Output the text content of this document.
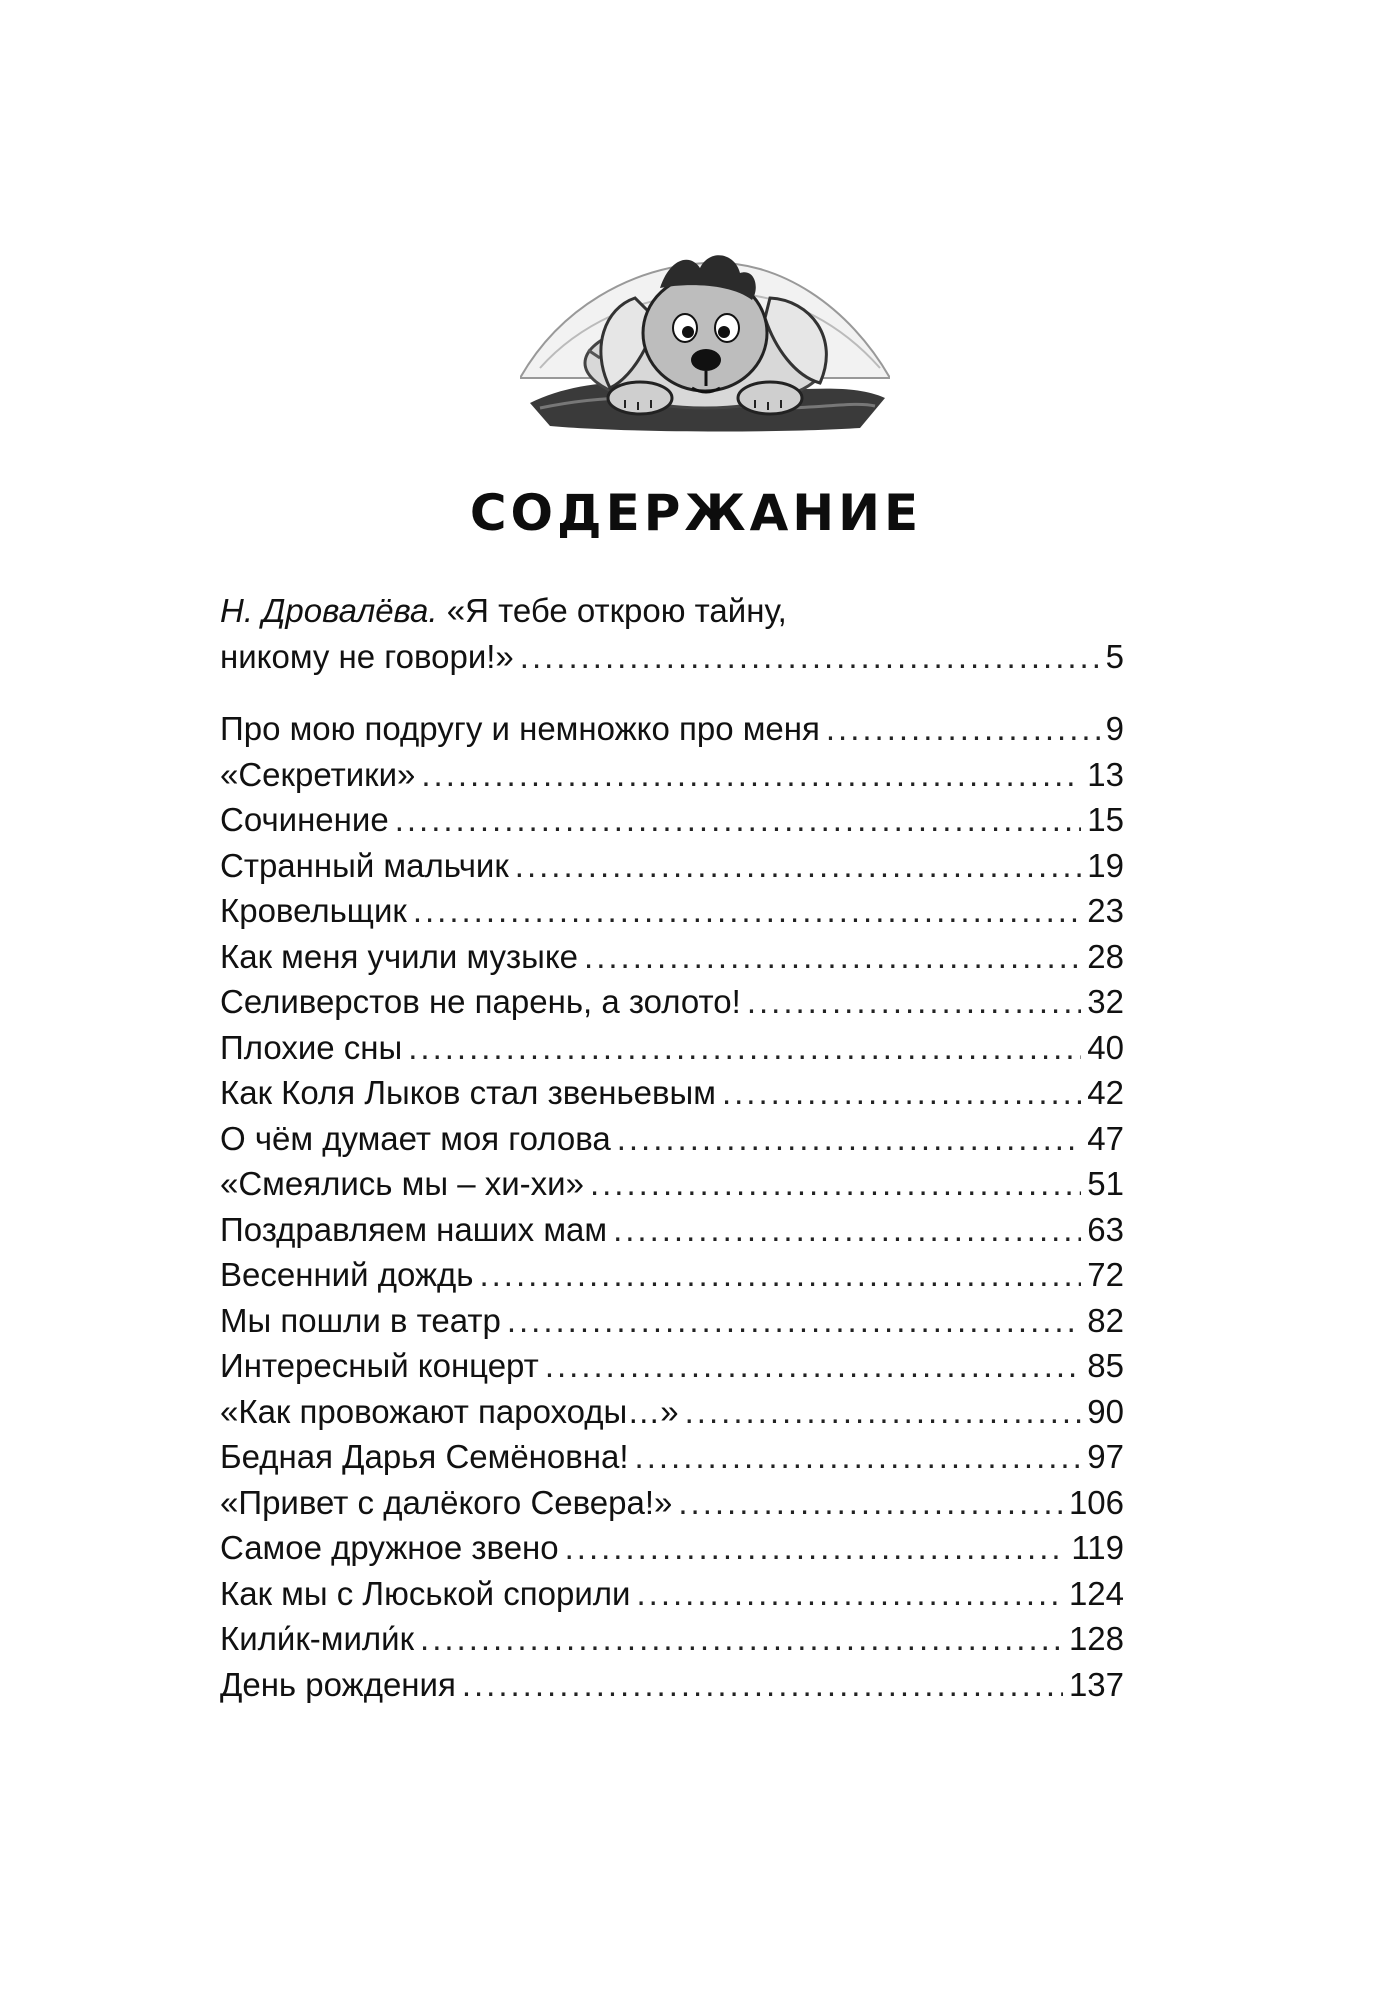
СОДЕРЖАНИЕ
Н. Дровалёва. «Я тебе открою тайну,
никому не говори!» .....	5
Про мою подругу и немножко про меня .....	9
«Секретики» .....	13
Сочинение .....	15
Странный мальчик .....	19
Кровельщик .....	23
Как меня учили музыке .....	28
Селиверстов не парень, а золото! .....	32
Плохие сны .....	40
Как Коля Лыков стал звеньевым .....	42
О чём думает моя голова .....	47
«Смеялись мы – хи-хи» .....	51
Поздравляем наших мам .....	63
Весенний дождь .....	72
Мы пошли в театр .....	82
Интересный концерт .....	85
«Как провожают пароходы…» .....	90
Бедная Дарья Семёновна! .....	97
«Привет с далёкого Севера!» .....	106
Самое дружное звено .....	119
Как мы с Люськой спорили .....	124
Кили́к-мили́к .....	128
День рождения .....	137
